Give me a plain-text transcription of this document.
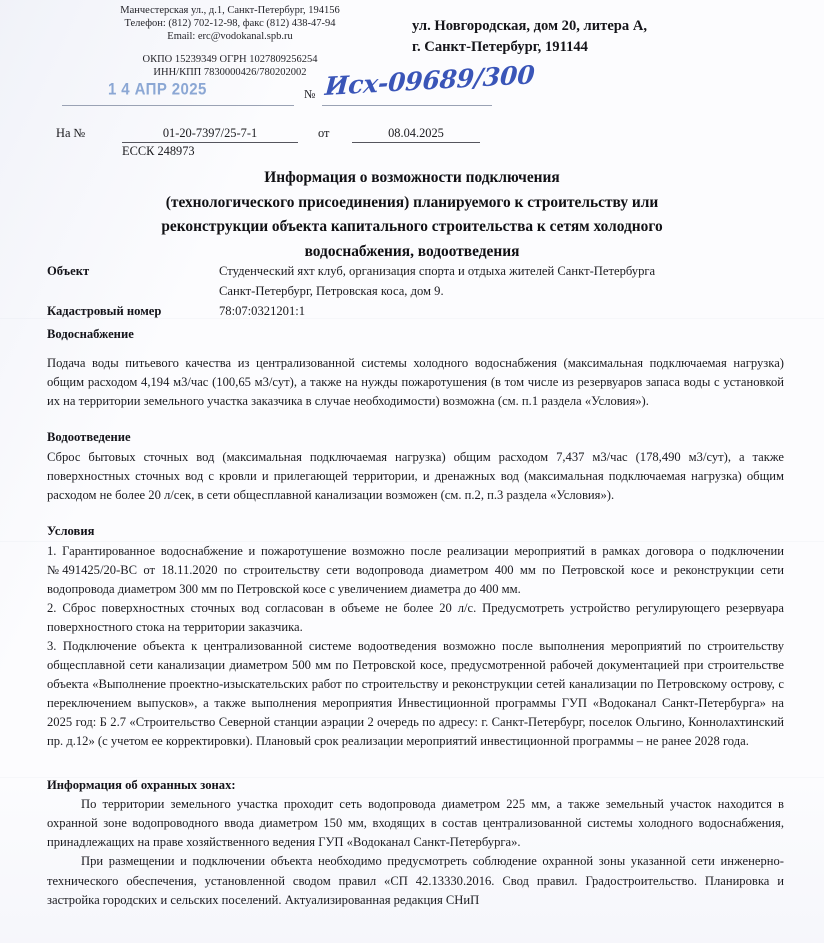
Манчестерская ул., д.1, Санкт-Петербург, 194156
Телефон: (812) 702-12-98, факс (812) 438-47-94
Email: erc@vodokanal.spb.ru
ОКПО 15239349 ОГРН 1027809256254
ИНН/КПП 7830000426/780202002
ул. Новгородская, дом 20, литера А,
г. Санкт-Петербург, 191144
1 4 АПР 2025	№ Исх-09689/300
На №	01-20-7397/25-7-1	от	08.04.2025
ЕССК 248973
Информация о возможности подключения
(технологического присоединения) планируемого к строительству или
реконструкции объекта капитального строительства к сетям холодного
водоснабжения, водоотведения
Объект	Студенческий яхт клуб, организация спорта и отдыха жителей Санкт-Петербурга
Санкт-Петербург, Петровская коса, дом 9.
Кадастровый номер	78:07:0321201:1
Водоснабжение

Подача воды питьевого качества из централизованной системы холодного водоснабжения (максимальная подключаемая нагрузка) общим расходом 4,194 м3/час (100,65 м3/сут), а также на нужды пожаротушения (в том числе из резервуаров запаса воды с установкой их на территории земельного участка заказчика в случае необходимости) возможна (см. п.1 раздела «Условия»).

Водоотведение

Сброс бытовых сточных вод (максимальная подключаемая нагрузка) общим расходом 7,437 м3/час (178,490 м3/сут), а также поверхностных сточных вод с кровли и прилегающей территории, и дренажных вод (максимальная подключаемая нагрузка) общим расходом не более 20 л/сек, в сети общесплавной канализации возможен (см. п.2, п.3 раздела «Условия»).

Условия

1. Гарантированное водоснабжение и пожаротушение возможно после реализации мероприятий в рамках договора о подключении №491425/20-ВС от 18.11.2020 по строительству сети водопровода диаметром 400 мм по Петровской косе и реконструкции сети водопровода диаметром 300 мм по Петровской косе с увеличением диаметра до 400 мм.

2. Сброс поверхностных сточных вод согласован в объеме не более 20 л/с. Предусмотреть устройство регулирующего резервуара поверхностного стока на территории заказчика.

3. Подключение объекта к централизованной системе водоотведения возможно после выполнения мероприятий по строительству общесплавной сети канализации диаметром 500 мм по Петровской косе, предусмотренной рабочей документацией при строительстве объекта «Выполнение проектно-изыскательских работ по строительству и реконструкции сетей канализации по Петровскому острову, с переключением выпусков», а также выполнения мероприятия Инвестиционной программы ГУП «Водоканал Санкт-Петербурга» на 2025 год: Б 2.7 «Строительство Северной станции аэрации 2 очередь по адресу: г. Санкт-Петербург, поселок Ольгино, Коннолахтинский пр. д.12» (с учетом ее корректировки). Плановый срок реализации мероприятий инвестиционной программы – не ранее 2028 года.

Информация об охранных зонах:

По территории земельного участка проходит сеть водопровода диаметром 225 мм, а также земельный участок находится в охранной зоне водопроводного ввода диаметром 150 мм, входящих в состав централизованной системы холодного водоснабжения, принадлежащих на праве хозяйственного ведения ГУП «Водоканал Санкт-Петербурга».

При размещении и подключении объекта необходимо предусмотреть соблюдение охранной зоны указанной сети инженерно-технического обеспечения, установленной сводом правил «СП 42.13330.2016. Свод правил. Градостроительство. Планировка и застройка городских и сельских поселений. Актуализированная редакция СНиП
